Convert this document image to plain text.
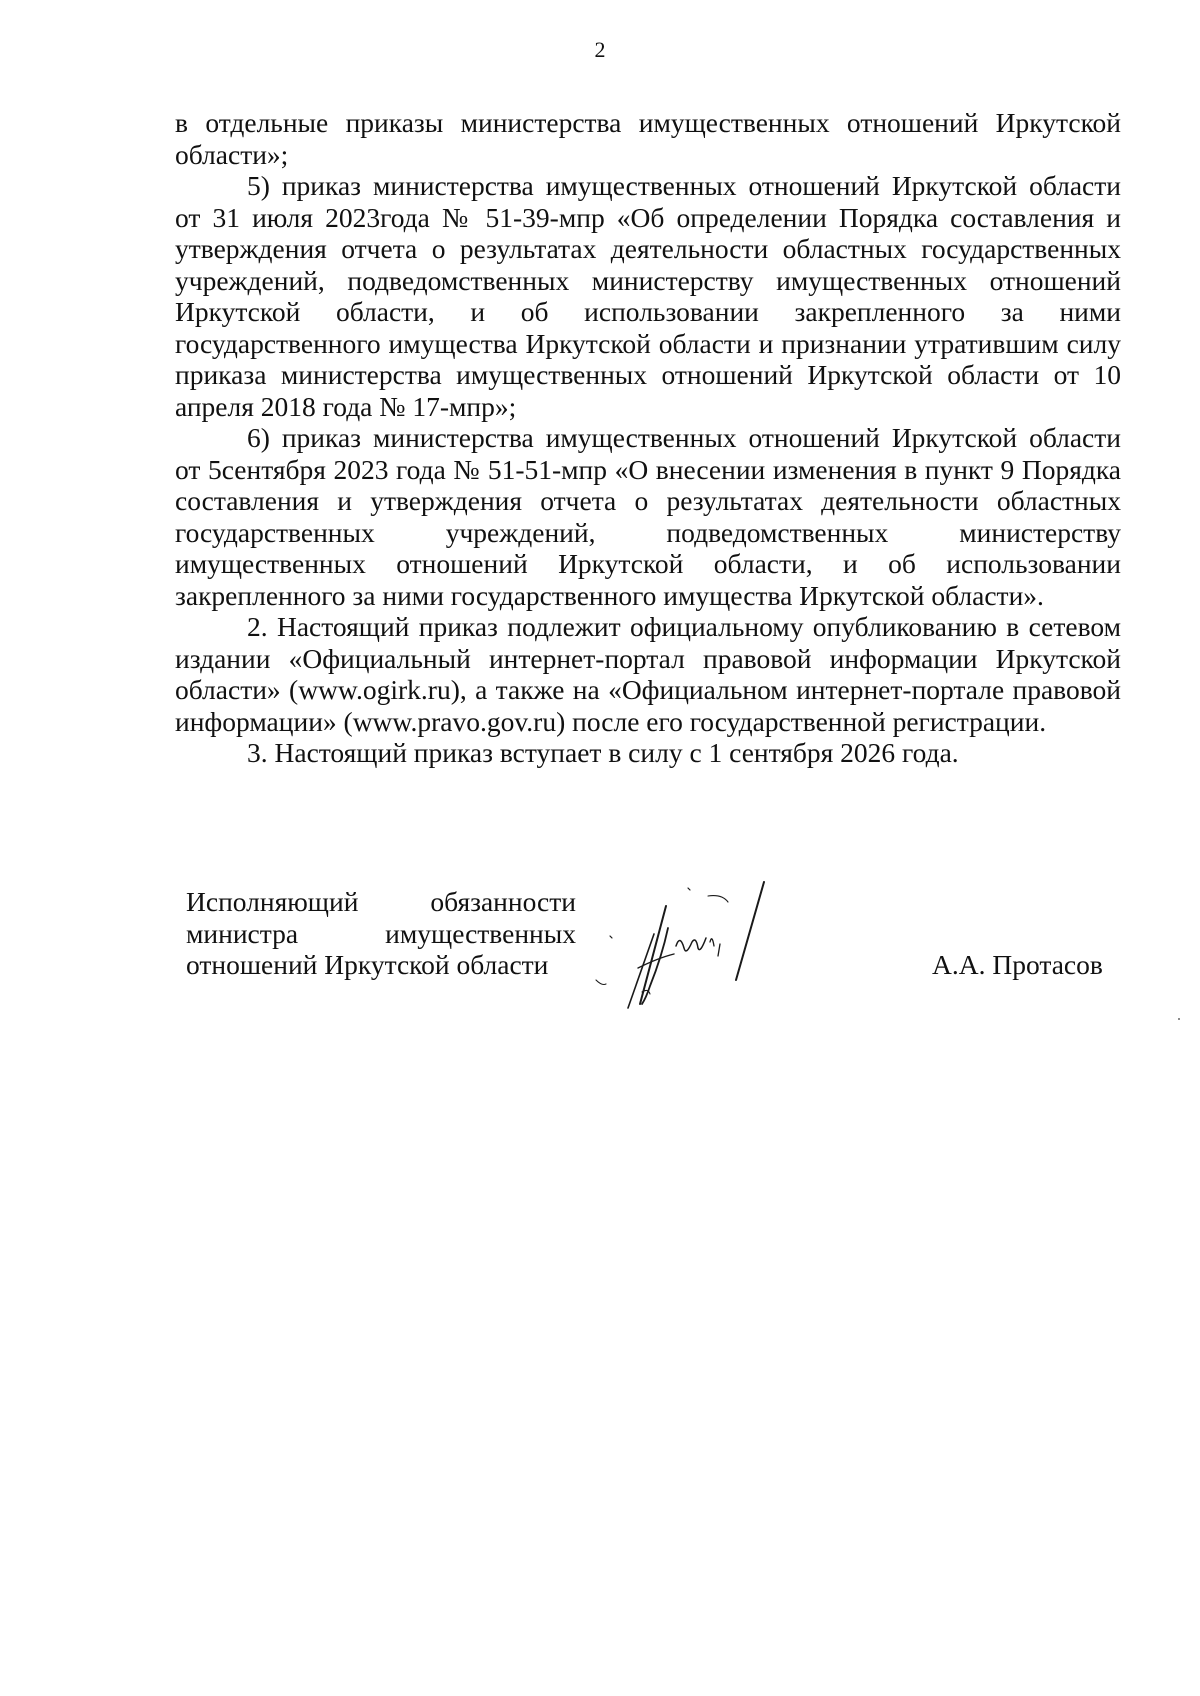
2

в отдельные приказы министерства имущественных отношений Иркутской области»;

5) приказ министерства имущественных отношений Иркутской области от 31 июля 2023года № 51-39-мпр «Об определении Порядка составления и утверждения отчета о результатах деятельности областных государственных учреждений, подведомственных министерству имущественных отношений Иркутской области, и об использовании закрепленного за ними государственного имущества Иркутской области и признании утратившим силу приказа министерства имущественных отношений Иркутской области от 10 апреля 2018 года № 17-мпр»;

6) приказ министерства имущественных отношений Иркутской области от 5сентября 2023 года № 51-51-мпр «О внесении изменения в пункт 9 Порядка составления и утверждения отчета о результатах деятельности областных государственных учреждений, подведомственных министерству имущественных отношений Иркутской области, и об использовании закрепленного за ними государственного имущества Иркутской области».

2. Настоящий приказ подлежит официальному опубликованию в сетевом издании «Официальный интернет-портал правовой информации Иркутской области» (www.ogirk.ru), а также на «Официальном интернет-портале правовой информации» (www.pravo.gov.ru) после его государственной регистрации.

3. Настоящий приказ вступает в силу с 1 сентября 2026 года.

Исполняющий обязанности
министра имущественных
отношений Иркутской области	А.А. Протасов
